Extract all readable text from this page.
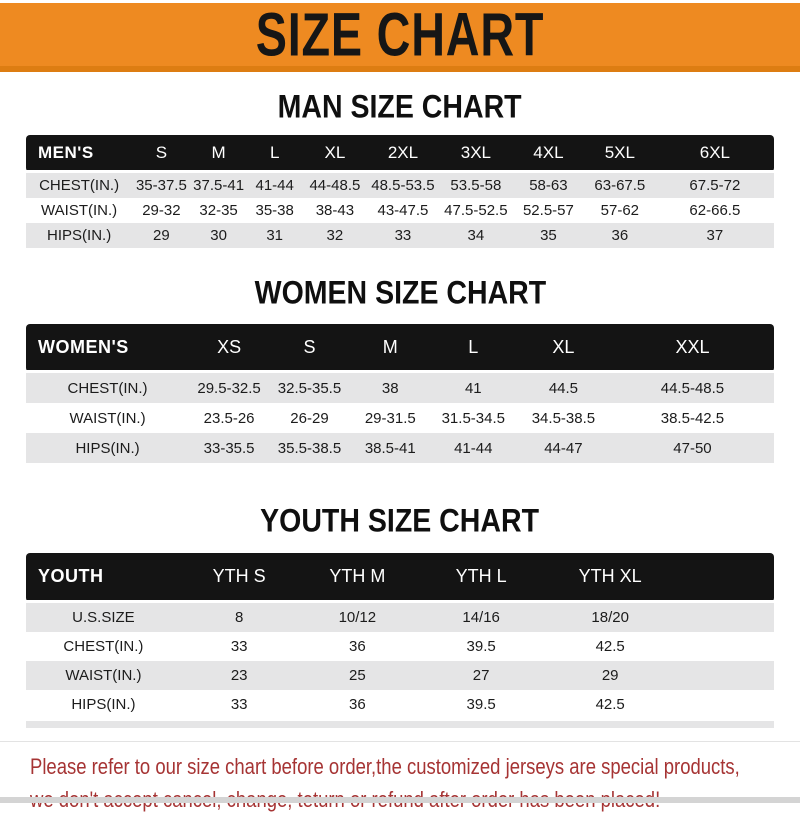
SIZE CHART
MAN SIZE CHART
MEN'S	S	M	L	XL	2XL	3XL	4XL	5XL	6XL
CHEST(IN.)	35-37.5	37.5-41	41-44	44-48.5	48.5-53.5	53.5-58	58-63	63-67.5	67.5-72
WAIST(IN.)	29-32	32-35	35-38	38-43	43-47.5	47.5-52.5	52.5-57	57-62	62-66.5
HIPS(IN.)	29	30	31	32	33	34	35	36	37
WOMEN SIZE CHART
WOMEN'S	XS	S	M	L	XL	XXL
CHEST(IN.)	29.5-32.5	32.5-35.5	38	41	44.5	44.5-48.5
WAIST(IN.)	23.5-26	26-29	29-31.5	31.5-34.5	34.5-38.5	38.5-42.5
HIPS(IN.)	33-35.5	35.5-38.5	38.5-41	41-44	44-47	47-50
YOUTH SIZE CHART
YOUTH	YTH S	YTH M	YTH L	YTH XL	
U.S.SIZE	8	10/12	14/16	18/20	
CHEST(IN.)	33	36	39.5	42.5	
WAIST(IN.)	23	25	27	29	
HIPS(IN.)	33	36	39.5	42.5	
Please refer to our size chart before order,the customized jerseys are special products,
